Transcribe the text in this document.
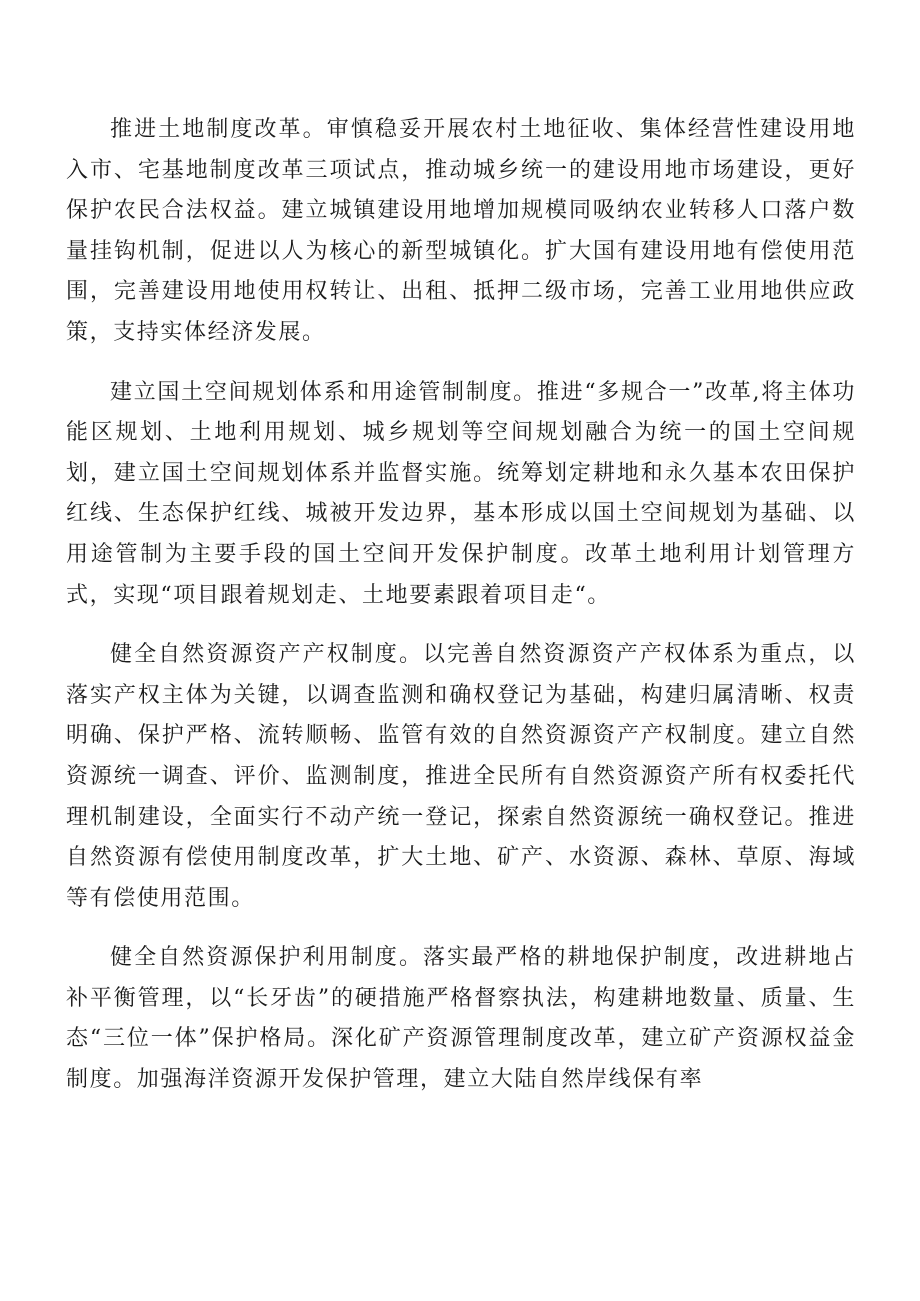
推进土地制度改革。审慎稳妥开展农村土地征收、集体经营性建设用地入市、宅基地制度改革三项试点，推动城乡统一的建设用地市场建设，更好保护农民合法权益。建立城镇建设用地增加规模同吸纳农业转移人口落户数量挂钩机制，促进以人为核心的新型城镇化。扩大国有建设用地有偿使用范围，完善建设用地使用权转让、出租、抵押二级市场，完善工业用地供应政策，支持实体经济发展。

建立国土空间规划体系和用途管制制度。推进“多规合一”改革,将主体功能区规划、土地利用规划、城乡规划等空间规划融合为统一的国土空间规划，建立国土空间规划体系并监督实施。统筹划定耕地和永久基本农田保护红线、生态保护红线、城被开发边界，基本形成以国土空间规划为基础、以用途管制为主要手段的国土空间开发保护制度。改革土地利用计划管理方式，实现“项目跟着规划走、土地要素跟着项目走“。

健全自然资源资产产权制度。以完善自然资源资产产权体系为重点，以落实产权主体为关键，以调查监测和确权登记为基础，构建归属清晰、权责明确、保护严格、流转顺畅、监管有效的自然资源资产产权制度。建立自然资源统一调查、评价、监测制度，推进全民所有自然资源资产所有权委托代理机制建设，全面实行不动产统一登记，探索自然资源统一确权登记。推进自然资源有偿使用制度改革，扩大土地、矿产、水资源、森林、草原、海域等有偿使用范围。

健全自然资源保护利用制度。落实最严格的耕地保护制度，改进耕地占补平衡管理，以“长牙齿”的硬措施严格督察执法，构建耕地数量、质量、生态“三位一体”保护格局。深化矿产资源管理制度改革，建立矿产资源权益金制度。加强海洋资源开发保护管理，建立大陆自然岸线保有率
